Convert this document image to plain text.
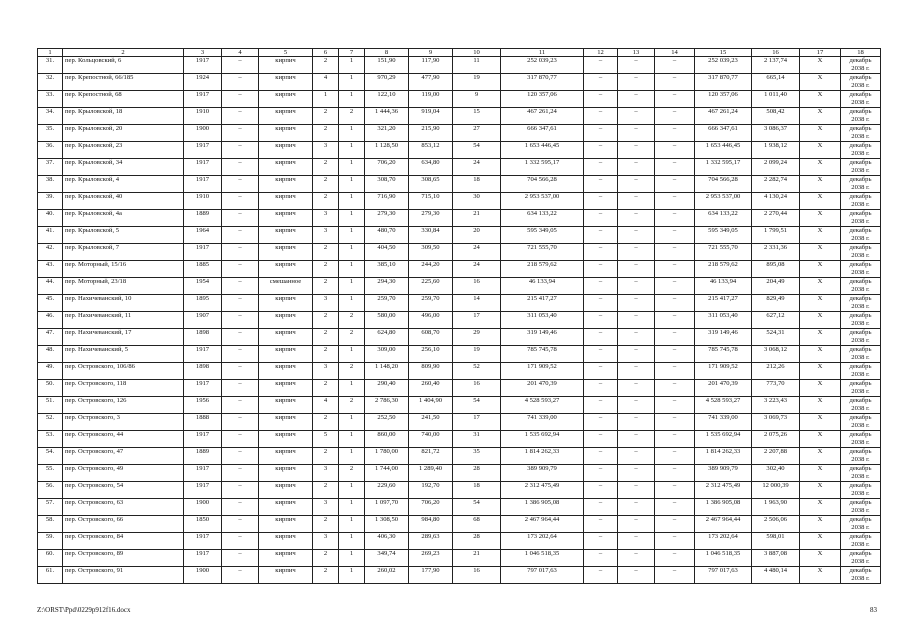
1	2	3	4	5	6	7	8	9	10	11	12	13	14	15	16	17	18
31.	пер. Кольцовский, 6	1917	–	кирпич	2	1	151,90	117,90	11	252 039,23	–	–	–	252 039,23	2 137,74	Х	декабрь 2038 г.
32.	пер. Крепостной, 66/185	1924	–	кирпич	4	1	970,29	477,90	19	317 870,77	–	–	–	317 870,77	665,14	Х	декабрь 2038 г.
33.	пер. Крепостной, 68	1917	–	кирпич	1	1	122,10	119,00	9	120 357,06	–	–	–	120 357,06	1 011,40	Х	декабрь 2038 г.
34.	пер. Крыловской, 18	1910	–	кирпич	2	2	1 444,36	919,04	15	467 261,24	–	–	–	467 261,24	508,42	Х	декабрь 2038 г.
35.	пер. Крыловской, 20	1900	–	кирпич	2	1	321,20	215,90	27	666 347,61	–	–	–	666 347,61	3 086,37	Х	декабрь 2038 г.
36.	пер. Крыловской, 23	1917	–	кирпич	3	1	1 128,50	853,12	54	1 653 446,45	–	–	–	1 653 446,45	1 938,12	Х	декабрь 2038 г.
37.	пер. Крыловской, 34	1917	–	кирпич	2	1	706,20	634,80	24	1 332 595,17	–	–	–	1 332 595,17	2 099,24	Х	декабрь 2038 г.
38.	пер. Крыловской, 4	1917	–	кирпич	2	1	308,70	308,65	18	704 566,28	–	–	–	704 566,28	2 282,74	Х	декабрь 2038 г.
39.	пер. Крыловской, 40	1910	–	кирпич	2	1	716,90	715,10	30	2 953 537,00	–	–	–	2 953 537,00	4 130,24	Х	декабрь 2038 г.
40.	пер. Крыловской, 4а	1889	–	кирпич	3	1	279,30	279,30	21	634 133,22	–	–	–	634 133,22	2 270,44	Х	декабрь 2038 г.
41.	пер. Крыловской, 5	1964	–	кирпич	3	1	480,70	330,84	20	595 349,05	–	–	–	595 349,05	1 799,51	Х	декабрь 2038 г.
42.	пер. Крыловской, 7	1917	–	кирпич	2	1	404,50	309,50	24	721 555,70	–	–	–	721 555,70	2 331,36	Х	декабрь 2038 г.
43.	пер. Моторный, 15/16	1885	–	кирпич	2	1	385,10	244,20	24	218 579,62	–	–	–	218 579,62	895,08	Х	декабрь 2038 г.
44.	пер. Моторный, 23/18	1954	–	смешанное	2	1	294,30	225,60	16	46 133,94	–	–	–	46 133,94	204,49	Х	декабрь 2038 г.
45.	пер. Нахичеванский, 10	1895	–	кирпич	3	1	259,70	259,70	14	215 417,27	–	–	–	215 417,27	829,49	Х	декабрь 2038 г.
46.	пер. Нахичеванский, 11	1907	–	кирпич	2	2	580,00	496,00	17	311 053,40	–	–	–	311 053,40	627,12	Х	декабрь 2038 г.
47.	пер. Нахичеванский, 17	1898	–	кирпич	2	2	624,80	608,70	29	319 149,46	–	–	–	319 149,46	524,31	Х	декабрь 2038 г.
48.	пер. Нахичеванский, 5	1917	–	кирпич	2	1	309,00	256,10	19	785 745,78	–	–	–	785 745,78	3 068,12	Х	декабрь 2038 г.
49.	пер. Островского, 106/86	1898	–	кирпич	3	2	1 148,20	809,90	52	171 909,52	–	–	–	171 909,52	212,26	Х	декабрь 2038 г.
50.	пер. Островского, 118	1917	–	кирпич	2	1	290,40	260,40	16	201 470,39	–	–	–	201 470,39	773,70	Х	декабрь 2038 г.
51.	пер. Островского, 126	1956	–	кирпич	4	2	2 786,30	1 404,90	54	4 528 593,27	–	–	–	4 528 593,27	3 223,43	Х	декабрь 2038 г.
52.	пер. Островского, 3	1888	–	кирпич	2	1	252,50	241,50	17	741 339,00	–	–	–	741 339,00	3 069,73	Х	декабрь 2038 г.
53.	пер. Островского, 44	1917	–	кирпич	5	1	860,00	740,00	31	1 535 692,94	–	–	–	1 535 692,94	2 075,26	Х	декабрь 2038 г.
54.	пер. Островского, 47	1889	–	кирпич	2	1	1 780,00	821,72	35	1 814 262,33	–	–	–	1 814 262,33	2 207,88	Х	декабрь 2038 г.
55.	пер. Островского, 49	1917	–	кирпич	3	2	1 744,00	1 289,40	28	389 909,79	–	–	–	389 909,79	302,40	Х	декабрь 2038 г.
56.	пер. Островского, 54	1917	–	кирпич	2	1	229,60	192,70	18	2 312 475,49	–	–	–	2 312 475,49	12 000,39	Х	декабрь 2038 г.
57.	пер. Островского, 63	1900	–	кирпич	3	1	1 097,70	706,20	54	1 386 905,08	–	–	–	1 386 905,08	1 963,90	Х	декабрь 2038 г.
58.	пер. Островского, 66	1850	–	кирпич	2	1	1 308,50	984,80	68	2 467 964,44	–	–	–	2 467 964,44	2 506,06	Х	декабрь 2038 г.
59.	пер. Островского, 84	1917	–	кирпич	3	1	406,30	289,63	28	173 202,64	–	–	–	173 202,64	598,01	Х	декабрь 2038 г.
60.	пер. Островского, 89	1917	–	кирпич	2	1	349,74	269,23	21	1 046 518,35	–	–	–	1 046 518,35	3 887,08	Х	декабрь 2038 г.
61.	пер. Островского, 91	1900	–	кирпич	2	1	260,02	177,90	16	797 017,63	–	–	–	797 017,63	4 480,14	Х	декабрь 2038 г.
Z:\ORST\Ppd\0229p912f16.docx	83
